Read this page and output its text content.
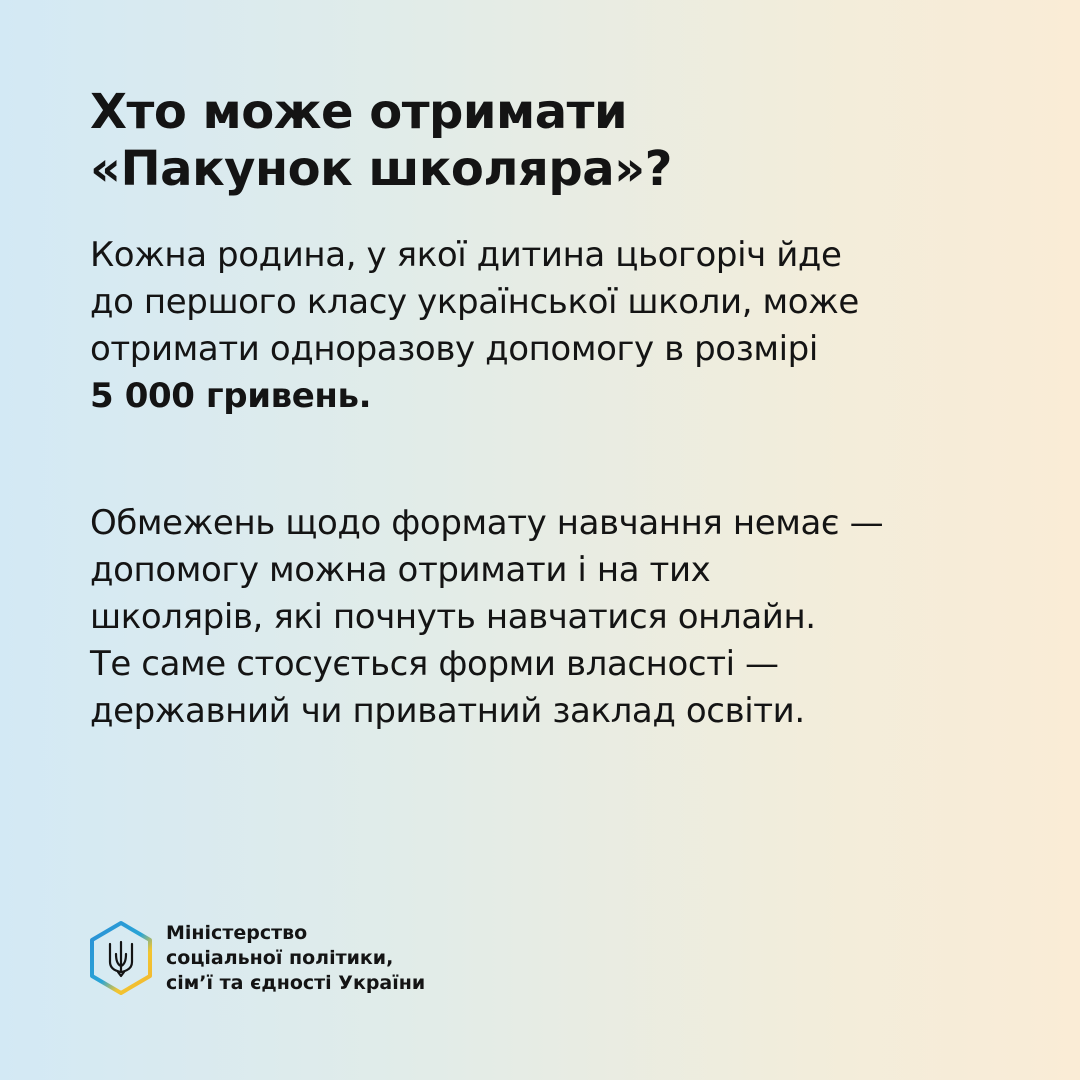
Хто може отримати
«Пакунок школяра»?
Кожна родина, у якої дитина цьогоріч йде
до першого класу української школи, може
отримати одноразову допомогу в розмірі
5 000 гривень.
Обмежень щодо формату навчання немає —
допомогу можна отримати і на тих
школярів, які почнуть навчатися онлайн.
Те саме стосується форми власності —
державний чи приватний заклад освіти.
Міністерство
соціальної політики,
сім’ї та єдності України
